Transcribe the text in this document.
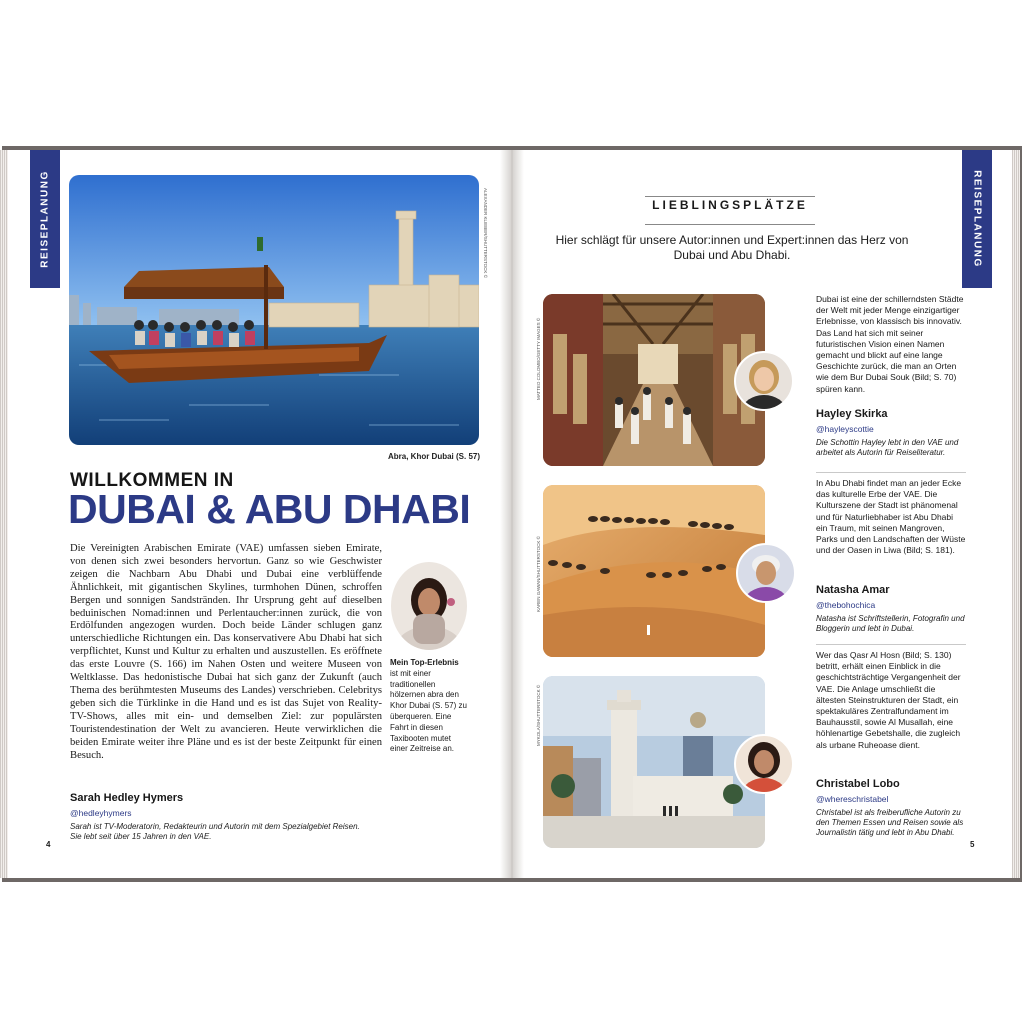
REISEPLANUNG	REISEPLANUNG
ALEXANDER KLIEBER/SHUTTERSTOCK ©
Abra, Khor Dubai (S. 57)
WILLKOMMEN IN
DUBAI & ABU DHABI
Die Vereinigten Arabischen Emirate (VAE) umfassen sieben Emirate, von denen sich zwei besonders hervortun. Ganz so wie Geschwister zeigen die Nachbarn Abu Dhabi und Dubai eine verblüffende Ähnlichkeit, mit gigantischen Skylines, turmhohen Dünen, schroffen Bergen und sonnigen Sandstränden. Ihr Ursprung geht auf dieselben beduinischen Nomad:innen und Perlentaucher:innen zurück, die von Erdölfunden angezogen wurden. Doch beide Länder schlugen ganz unterschiedliche Richtungen ein. Das konservativere Abu Dhabi hat sich verpflichtet, Kunst und Kultur zu erhalten und auszustellen. Es eröffnete das erste Louvre (S. 166) im Nahen Osten und weitere Museen von Weltklasse. Das hedonistische Dubai hat sich ganz der Zukunft (auch Thema des berühmtesten Museums des Landes) verschrieben. Celebritys geben sich die Türklinke in die Hand und es ist das Sujet von Reality-TV-Shows, alles mit ein- und demselben Ziel: zur populärsten Touristendestination der Welt zu avancieren. Heute verwirklichen die beiden Emirate weiter ihre Pläne und es ist der beste Zeitpunkt für einen Besuch.
Sarah Hedley Hymers
@hedleyhymers
Sarah ist TV-Moderatorin, Redakteurin und Autorin mit dem Spezialgebiet Reisen. Sie lebt seit über 15 Jahren in den VAE.
Mein Top-Erlebnis
ist mit einer traditionellen hölzernen abra den Khor Dubai (S. 57) zu überqueren. Eine Fahrt in diesen Taxibooten mutet einer Zeitreise an.
4
LIEBLINGSPLÄTZE
Hier schlägt für unsere Autor:innen und Expert:innen das Herz von Dubai und Abu Dhabi.
MATTEO COLOMBO/GETTY IMAGES ©
KAREN GAWAN/SHUTTERSTOCK ©
MYKOLA/SHUTTERSTOCK ©
Dubai ist eine der schillerndsten Städte der Welt mit jeder Menge einzigartiger Erlebnisse, von klassisch bis innovativ. Das Land hat sich mit seiner futuristischen Vision einen Namen gemacht und blickt auf eine lange Geschichte zurück, die man an Orten wie dem Bur Dubai Souk (Bild; S. 70) spüren kann.
Hayley Skirka
@hayleyscottie
Die Schottin Hayley lebt in den VAE und arbeitet als Autorin für Reiseliteratur.
In Abu Dhabi findet man an jeder Ecke das kulturelle Erbe der VAE. Die Kulturszene der Stadt ist phänomenal und für Naturliebhaber ist Abu Dhabi ein Traum, mit seinen Mangroven, Parks und den Landschaften der Wüste und der Oasen in Liwa (Bild; S. 181).
Natasha Amar
@thebohochica
Natasha ist Schriftstellerin, Fotografin und Bloggerin und lebt in Dubai.
Wer das Qasr Al Hosn (Bild; S. 130) betritt, erhält einen Einblick in die geschichtsträchtige Vergangenheit der VAE. Die Anlage umschließt die ältesten Steinstrukturen der Stadt, ein spektakuläres Zentralfundament im Bauhausstil, sowie Al Musallah, eine höhlenartige Gebetshalle, die zugleich als urbane Ruheoase dient.
Christabel Lobo
@whereschristabel
Christabel ist als freiberufliche Autorin zu den Themen Essen und Reisen sowie als Journalistin tätig und lebt in Abu Dhabi.
5
